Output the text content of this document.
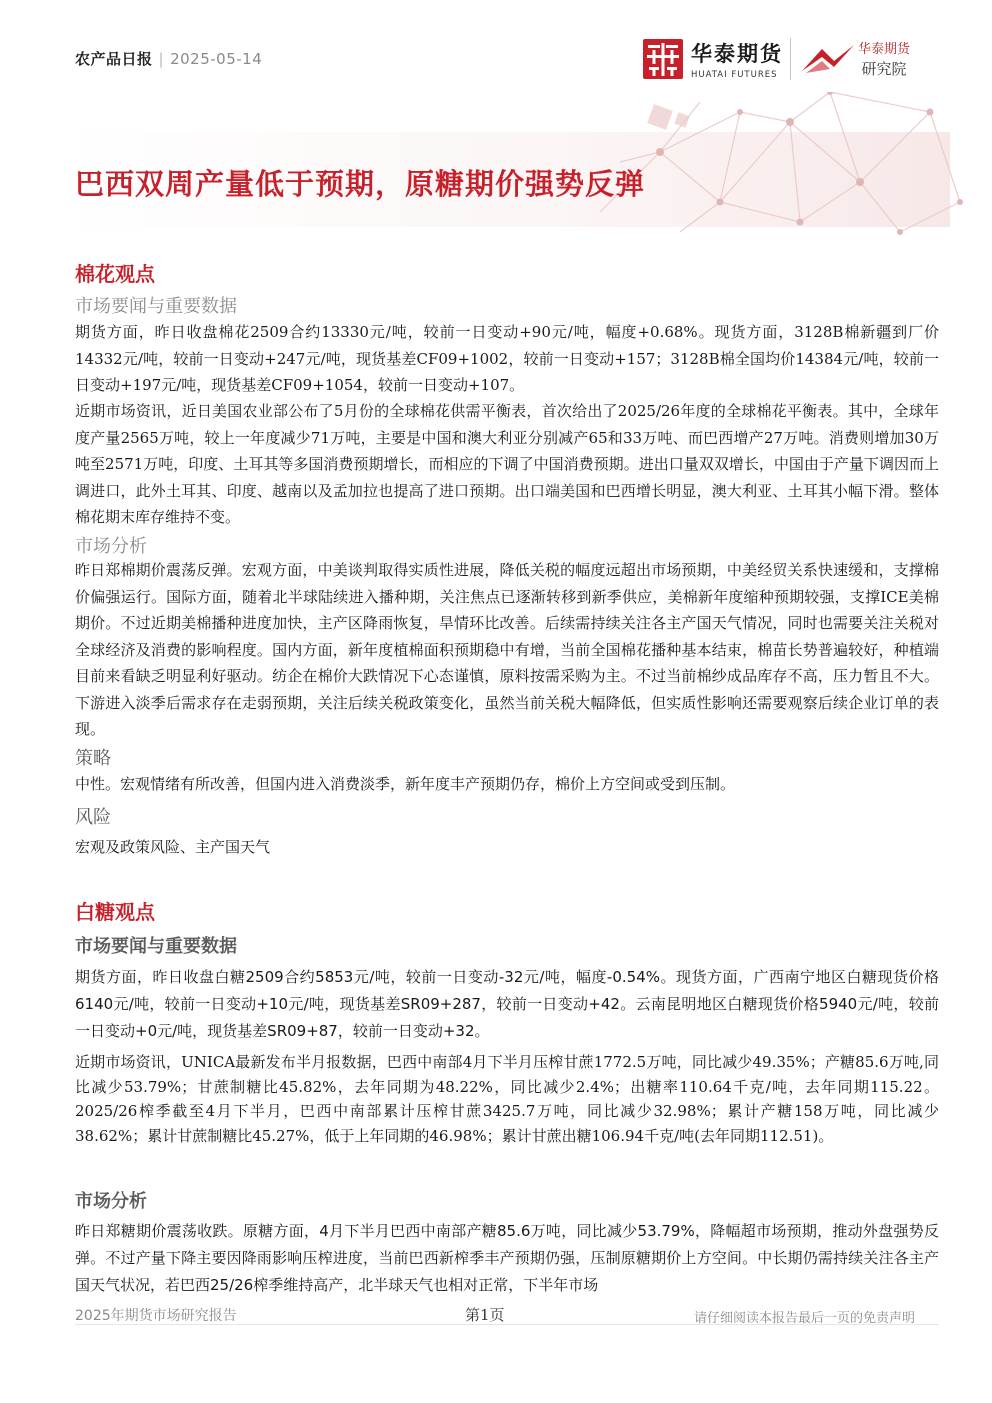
农产品日报 | 2025-05-14	华泰期货
HUATAI FUTURES
华泰期货
研究院
巴西双周产量低于预期，原糖期价强势反弹
棉花观点
市场要闻与重要数据
期货方面，昨日收盘棉花2509合约13330元/吨，较前一日变动+90元/吨，幅度+0.68%。现货方面，3128B棉新疆到厂价14332元/吨，较前一日变动+247元/吨，现货基差CF09+1002，较前一日变动+157；3128B棉全国均价14384元/吨，较前一日变动+197元/吨，现货基差CF09+1054，较前一日变动+107。
近期市场资讯，近日美国农业部公布了5月份的全球棉花供需平衡表，首次给出了2025/26年度的全球棉花平衡表。其中，全球年度产量2565万吨，较上一年度减少71万吨，主要是中国和澳大利亚分别减产65和33万吨、而巴西增产27万吨。消费则增加30万吨至2571万吨，印度、土耳其等多国消费预期增长，而相应的下调了中国消费预期。进出口量双双增长，中国由于产量下调因而上调进口，此外土耳其、印度、越南以及孟加拉也提高了进口预期。出口端美国和巴西增长明显，澳大利亚、土耳其小幅下滑。整体棉花期末库存维持不变。
市场分析
昨日郑棉期价震荡反弹。宏观方面，中美谈判取得实质性进展，降低关税的幅度远超出市场预期，中美经贸关系快速缓和，支撑棉价偏强运行。国际方面，随着北半球陆续进入播种期，关注焦点已逐渐转移到新季供应，美棉新年度缩种预期较强，支撑ICE美棉期价。不过近期美棉播种进度加快，主产区降雨恢复，旱情环比改善。后续需持续关注各主产国天气情况，同时也需要关注关税对全球经济及消费的影响程度。国内方面，新年度植棉面积预期稳中有增，当前全国棉花播种基本结束，棉苗长势普遍较好，种植端目前来看缺乏明显利好驱动。纺企在棉价大跌情况下心态谨慎，原料按需采购为主。不过当前棉纱成品库存不高，压力暂且不大。下游进入淡季后需求存在走弱预期，关注后续关税政策变化，虽然当前关税大幅降低，但实质性影响还需要观察后续企业订单的表现。
策略
中性。宏观情绪有所改善，但国内进入消费淡季，新年度丰产预期仍存，棉价上方空间或受到压制。
风险
宏观及政策风险、主产国天气
白糖观点
市场要闻与重要数据
期货方面，昨日收盘白糖2509合约5853元/吨，较前一日变动-32元/吨，幅度-0.54%。现货方面，广西南宁地区白糖现货价格6140元/吨，较前一日变动+10元/吨，现货基差SR09+287，较前一日变动+42。云南昆明地区白糖现货价格5940元/吨，较前一日变动+0元/吨，现货基差SR09+87，较前一日变动+32。
近期市场资讯，UNICA最新发布半月报数据，巴西中南部4月下半月压榨甘蔗1772.5万吨，同比减少49.35%；产糖85.6万吨,同比减少53.79%；甘蔗制糖比45.82%，去年同期为48.22%，同比减少2.4%；出糖率110.64千克/吨，去年同期115.22。 2025/26榨季截至4月下半月，巴西中南部累计压榨甘蔗3425.7万吨，同比减少32.98%；累计产糖158万吨，同比减少38.62%；累计甘蔗制糖比45.27%，低于上年同期的46.98%；累计甘蔗出糖106.94千克/吨(去年同期112.51)。
市场分析
昨日郑糖期价震荡收跌。原糖方面，4月下半月巴西中南部产糖85.6万吨，同比减少53.79%，降幅超市场预期，推动外盘强势反弹。不过产量下降主要因降雨影响压榨进度，当前巴西新榨季丰产预期仍强，压制原糖期价上方空间。中长期仍需持续关注各主产国天气状况，若巴西25/26榨季维持高产，北半球天气也相对正常，下半年市场
2025年期货市场研究报告	第1页	请仔细阅读本报告最后一页的免责声明
